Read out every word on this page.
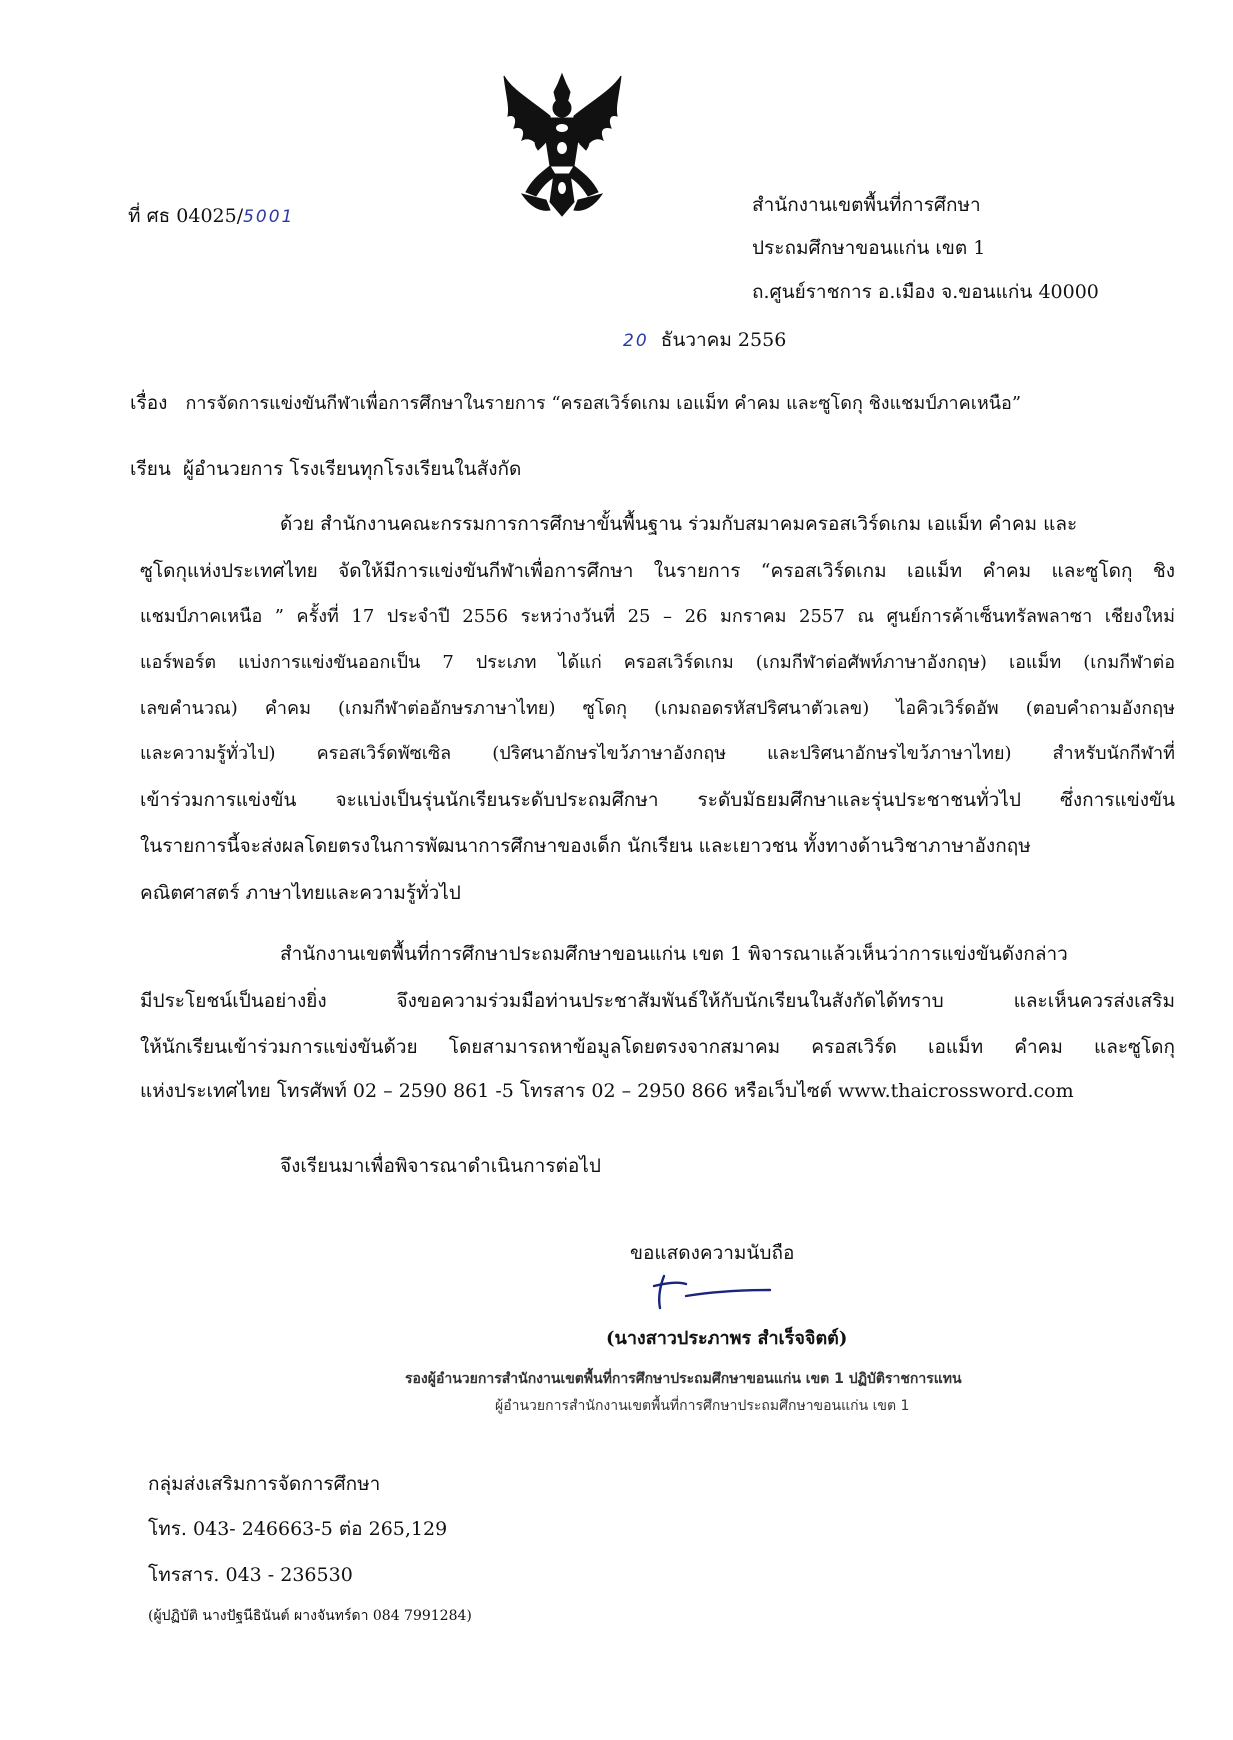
ที่ ศธ 04025/5001
สำนักงานเขตพื้นที่การศึกษา
ประถมศึกษาขอนแก่น เขต 1
ถ.ศูนย์ราชการ อ.เมือง จ.ขอนแก่น 40000
20 ธันวาคม 2556
เรื่อง การจัดการแข่งขันกีฬาเพื่อการศึกษาในรายการ “ครอสเวิร์ดเกม เอแม็ท คำคม และซูโดกุ ชิงแชมป์ภาคเหนือ”
เรียน ผู้อำนวยการ โรงเรียนทุกโรงเรียนในสังกัด
ด้วย สำนักงานคณะกรรมการการศึกษาขั้นพื้นฐาน ร่วมกับสมาคมครอสเวิร์ดเกม เอแม็ท คำคม และ
ซูโดกุแห่งประเทศไทย จัดให้มีการแข่งขันกีฬาเพื่อการศึกษา ในรายการ “ครอสเวิร์ดเกม เอแม็ท คำคม และซูโดกุ ชิง
แชมป์ภาคเหนือ ” ครั้งที่ 17 ประจำปี 2556 ระหว่างวันที่ 25 – 26 มกราคม 2557 ณ ศูนย์การค้าเซ็นทรัลพลาซา เชียงใหม่
แอร์พอร์ต แบ่งการแข่งขันออกเป็น 7 ประเภท ได้แก่ ครอสเวิร์ดเกม (เกมกีฬาต่อศัพท์ภาษาอังกฤษ) เอแม็ท (เกมกีฬาต่อ
เลขคำนวณ) คำคม (เกมกีฬาต่ออักษรภาษาไทย) ซูโดกุ (เกมถอดรหัสปริศนาตัวเลข) ไอคิวเวิร์ดอัพ (ตอบคำถามอังกฤษ
และความรู้ทั่วไป) ครอสเวิร์ดพัซเซิล (ปริศนาอักษรไขว้ภาษาอังกฤษ และปริศนาอักษรไขว้ภาษาไทย) สำหรับนักกีฬาที่
เข้าร่วมการแข่งขัน จะแบ่งเป็นรุ่นนักเรียนระดับประถมศึกษา ระดับมัธยมศึกษาและรุ่นประชาชนทั่วไป ซึ่งการแข่งขัน
ในรายการนี้จะส่งผลโดยตรงในการพัฒนาการศึกษาของเด็ก นักเรียน และเยาวชน ทั้งทางด้านวิชาภาษาอังกฤษ
คณิตศาสตร์ ภาษาไทยและความรู้ทั่วไป
สำนักงานเขตพื้นที่การศึกษาประถมศึกษาขอนแก่น เขต 1 พิจารณาแล้วเห็นว่าการแข่งขันดังกล่าว
มีประโยชน์เป็นอย่างยิ่ง จึงขอความร่วมมือท่านประชาสัมพันธ์ให้กับนักเรียนในสังกัดได้ทราบ และเห็นควรส่งเสริม
ให้นักเรียนเข้าร่วมการแข่งขันด้วย โดยสามารถหาข้อมูลโดยตรงจากสมาคม ครอสเวิร์ด เอแม็ท คำคม และซูโดกุ
แห่งประเทศไทย โทรศัพท์ 02 – 2590 861 -5 โทรสาร 02 – 2950 866 หรือเว็บไซต์ www.thaicrossword.com
จึงเรียนมาเพื่อพิจารณาดำเนินการต่อไป
ขอแสดงความนับถือ
(นางสาวประภาพร สำเร็จจิตต์)
รองผู้อำนวยการสำนักงานเขตพื้นที่การศึกษาประถมศึกษาขอนแก่น เขต 1 ปฏิบัติราชการแทน
ผู้อำนวยการสำนักงานเขตพื้นที่การศึกษาประถมศึกษาขอนแก่น เขต 1
กลุ่มส่งเสริมการจัดการศึกษา
โทร. 043- 246663-5 ต่อ 265,129
โทรสาร. 043 - 236530
(ผู้ปฏิบัติ นางปัฐนีธินันต์ ผางจันทร์ดา 084 7991284)
